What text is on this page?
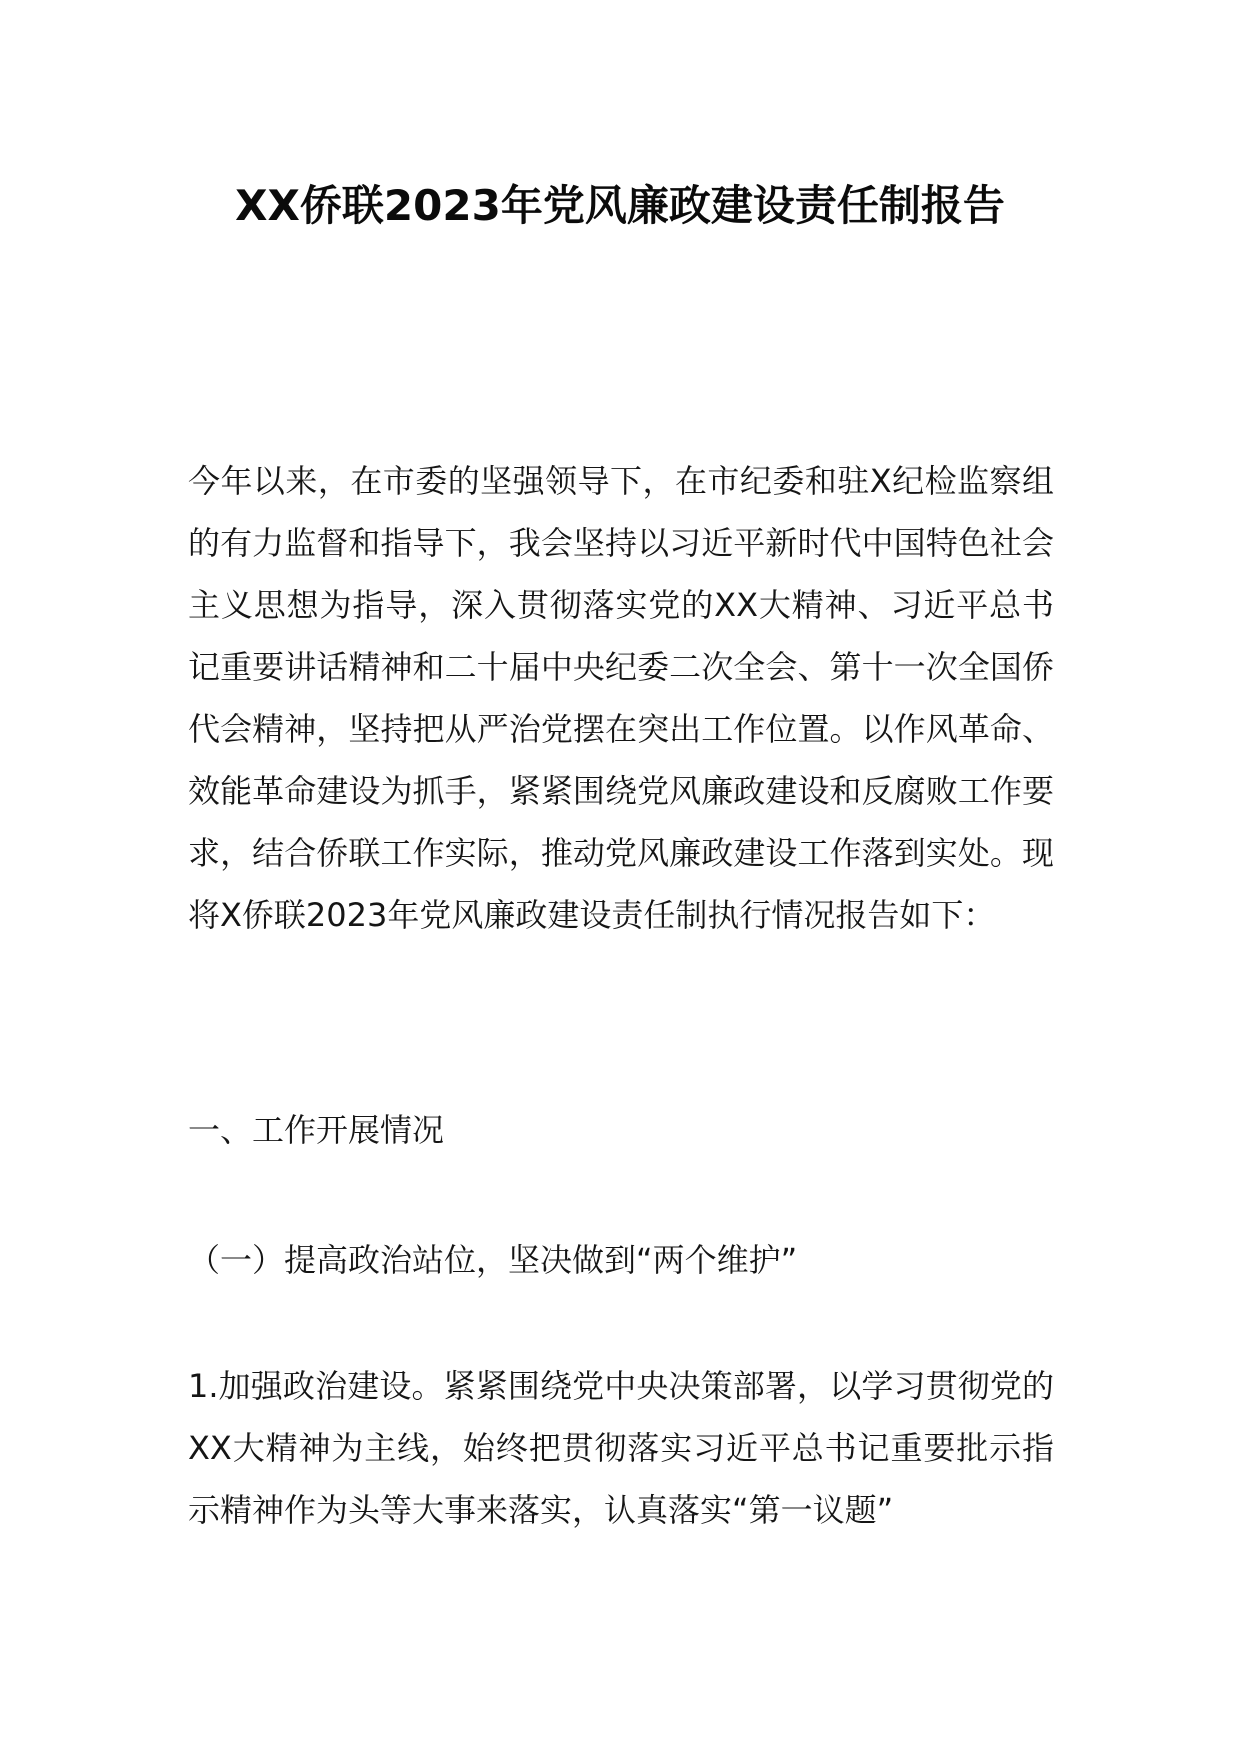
XX侨联2023年党风廉政建设责任制报告
今年以来，在市委的坚强领导下，在市纪委和驻X纪检监察组的有力监督和指导下，我会坚持以习近平新时代中国特色社会主义思想为指导，深入贯彻落实党的XX大精神、习近平总书记重要讲话精神和二十届中央纪委二次全会、第十一次全国侨代会精神，坚持把从严治党摆在突出工作位置。以作风革命、效能革命建设为抓手，紧紧围绕党风廉政建设和反腐败工作要求，结合侨联工作实际，推动党风廉政建设工作落到实处。现将X侨联2023年党风廉政建设责任制执行情况报告如下：
一、工作开展情况
（一）提高政治站位，坚决做到“两个维护”
1.加强政治建设。紧紧围绕党中央决策部署，以学习贯彻党的XX大精神为主线，始终把贯彻落实习近平总书记重要批示指示精神作为头等大事来落实，认真落实“第一议题”
